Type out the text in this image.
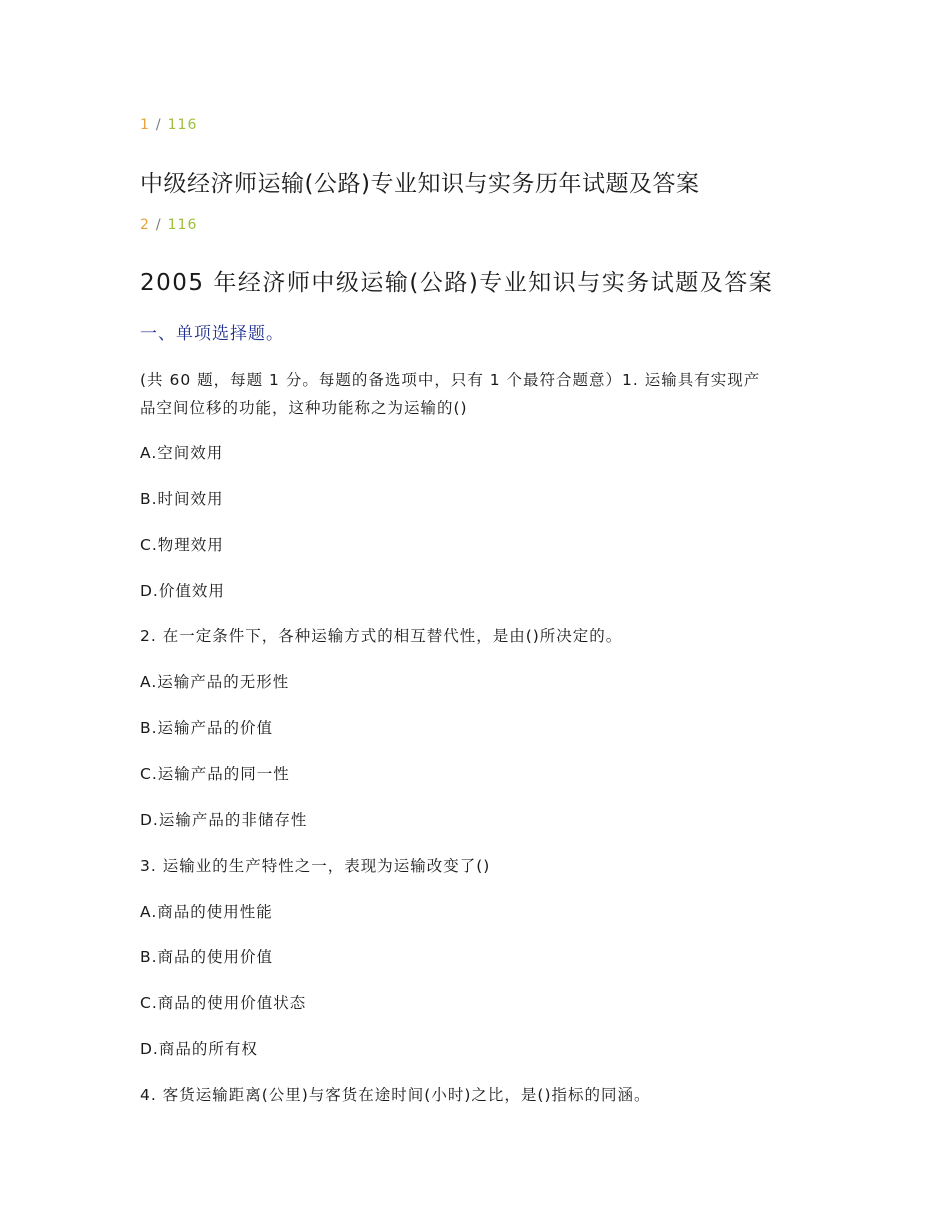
1 / 116
中级经济师运输(公路)专业知识与实务历年试题及答案
2 / 116
2005 年经济师中级运输(公路)专业知识与实务试题及答案
一、单项选择题。
(共 60 题，每题 1 分。每题的备选项中，只有 1 个最符合题意）1. 运输具有实现产
品空间位移的功能，这种功能称之为运输的()
A.空间效用
B.时间效用
C.物理效用
D.价值效用
2. 在一定条件下，各种运输方式的相互替代性，是由()所决定的。
A.运输产品的无形性
B.运输产品的价值
C.运输产品的同一性
D.运输产品的非储存性
3. 运输业的生产特性之一，表现为运输改变了()
A.商品的使用性能
B.商品的使用价值
C.商品的使用价值状态
D.商品的所有权
4. 客货运输距离(公里)与客货在途时间(小时)之比，是()指标的同涵。
